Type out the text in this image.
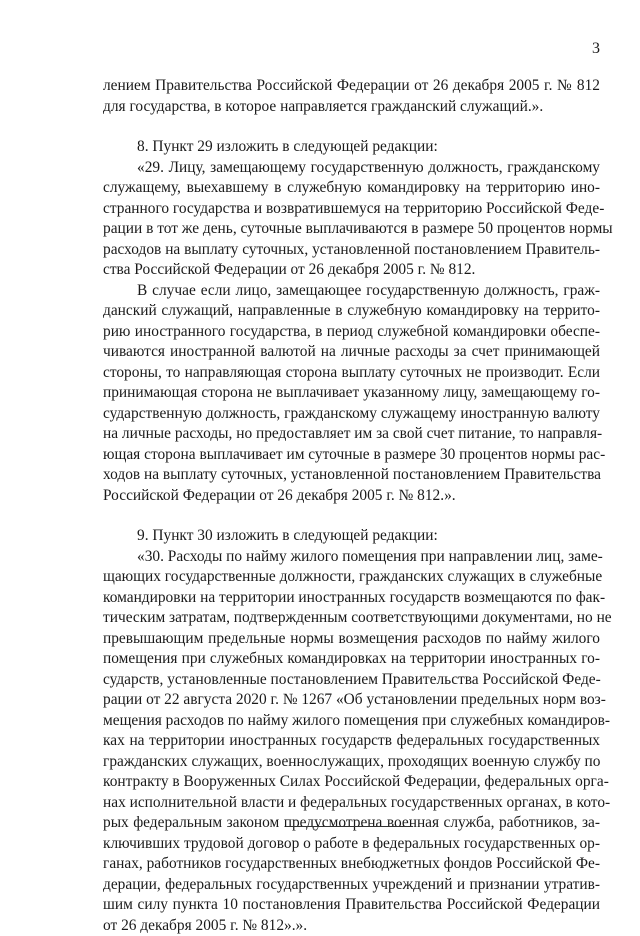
3
лением Правительства Российской Федерации от 26 декабря 2005 г. № 812
для государства, в которое направляется гражданский служащий.».
8. Пункт 29 изложить в следующей редакции:
«29. Лицу, замещающему государственную должность, гражданскому
служащему, выехавшему в служебную командировку на территорию ино-
странного государства и возвратившемуся на территорию Российской Феде-
рации в тот же день, суточные выплачиваются в размере 50 процентов нормы
расходов на выплату суточных, установленной постановлением Правитель-
ства Российской Федерации от 26 декабря 2005 г. № 812.
В случае если лицо, замещающее государственную должность, граж-
данский служащий, направленные в служебную командировку на террито-
рию иностранного государства, в период служебной командировки обеспе-
чиваются иностранной валютой на личные расходы за счет принимающей
стороны, то направляющая сторона выплату суточных не производит. Если
принимающая сторона не выплачивает указанному лицу, замещающему го-
сударственную должность, гражданскому служащему иностранную валюту
на личные расходы, но предоставляет им за свой счет питание, то направля-
ющая сторона выплачивает им суточные в размере 30 процентов нормы рас-
ходов на выплату суточных, установленной постановлением Правительства
Российской Федерации от 26 декабря 2005 г. № 812.».
9. Пункт 30 изложить в следующей редакции:
«30. Расходы по найму жилого помещения при направлении лиц, заме-
щающих государственные должности, гражданских служащих в служебные
командировки на территории иностранных государств возмещаются по фак-
тическим затратам, подтвержденным соответствующими документами, но не
превышающим предельные нормы возмещения расходов по найму жилого
помещения при служебных командировках на территории иностранных го-
сударств, установленные постановлением Правительства Российской Феде-
рации от 22 августа 2020 г. № 1267 «Об установлении предельных норм воз-
мещения расходов по найму жилого помещения при служебных командиров-
ках на территории иностранных государств федеральных государственных
гражданских служащих, военнослужащих, проходящих военную службу по
контракту в Вооруженных Силах Российской Федерации, федеральных орга-
нах исполнительной власти и федеральных государственных органах, в кото-
рых федеральным законом предусмотрена военная служба, работников, за-
ключивших трудовой договор о работе в федеральных государственных ор-
ганах, работников государственных внебюджетных фондов Российской Фе-
дерации, федеральных государственных учреждений и признании утратив-
шим силу пункта 10 постановления Правительства Российской Федерации
от 26 декабря 2005 г. № 812».».
